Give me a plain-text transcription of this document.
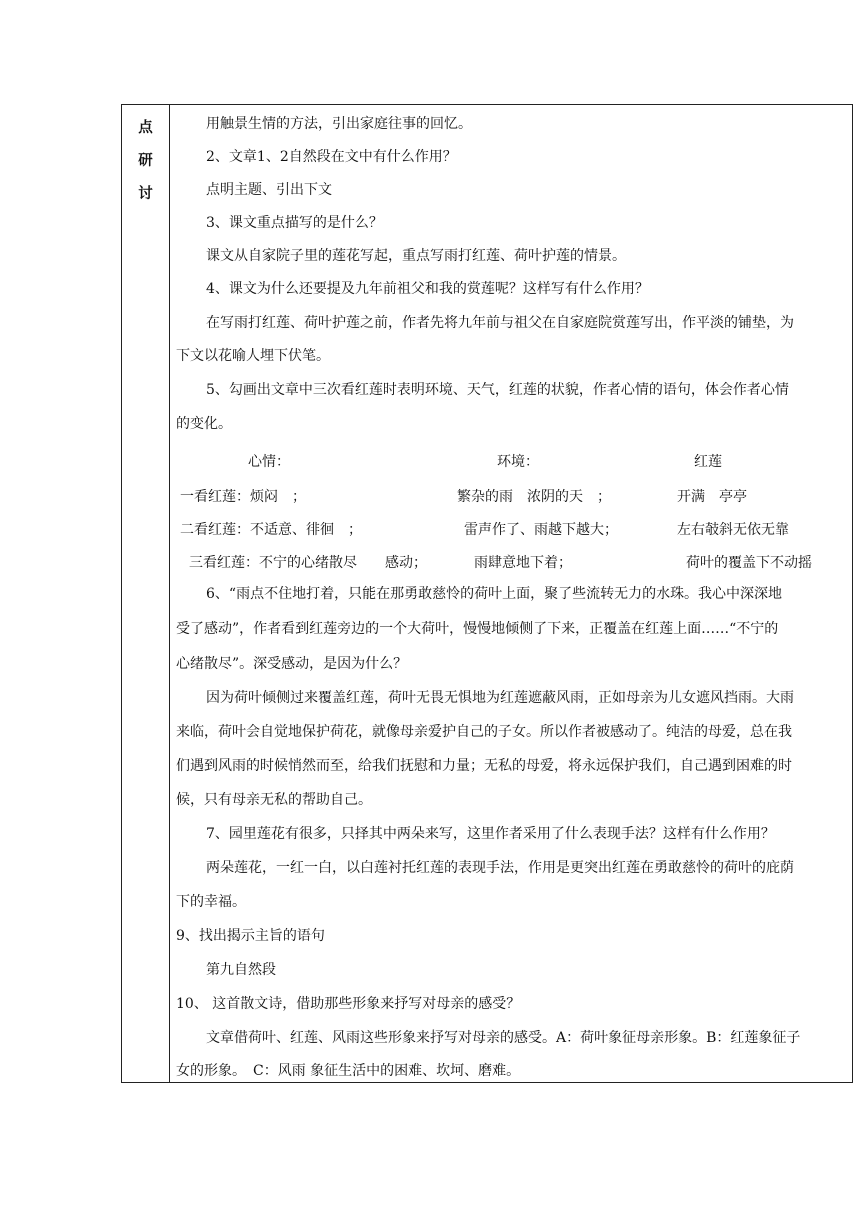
点
研
讨
用触景生情的方法，引出家庭往事的回忆。
2、文章1、2自然段在文中有什么作用？
点明主题、引出下文
3、课文重点描写的是什么？
课文从自家院子里的莲花写起，重点写雨打红莲、荷叶护莲的情景。
4、课文为什么还要提及九年前祖父和我的赏莲呢？这样写有什么作用？
在写雨打红莲、荷叶护莲之前，作者先将九年前与祖父在自家庭院赏莲写出，作平淡的铺垫，为
下文以花喻人埋下伏笔。
5、勾画出文章中三次看红莲时表明环境、天气，红莲的状貌，作者心情的语句，体会作者心情
的变化。
心情：	环境：	红莲
一看红莲：烦闷　；	繁杂的雨　浓阴的天　；	开满　亭亭
二看红莲：不适意、徘徊　；	雷声作了、雨越下越大；	左右攲斜无依无靠
三看红莲：不宁的心绪散尽　　感动；	雨肆意地下着；	荷叶的覆盖下不动摇
6、“雨点不住地打着，只能在那勇敢慈怜的荷叶上面，聚了些流转无力的水珠。我心中深深地
受了感动”，作者看到红莲旁边的一个大荷叶，慢慢地倾侧了下来，正覆盖在红莲上面……“不宁的
心绪散尽”。深受感动，是因为什么？
因为荷叶倾侧过来覆盖红莲，荷叶无畏无惧地为红莲遮蔽风雨，正如母亲为儿女遮风挡雨。大雨
来临，荷叶会自觉地保护荷花，就像母亲爱护自己的子女。所以作者被感动了。纯洁的母爱，总在我
们遇到风雨的时候悄然而至，给我们抚慰和力量；无私的母爱，将永远保护我们，自己遇到困难的时
候，只有母亲无私的帮助自己。
7、园里莲花有很多，只择其中两朵来写，这里作者采用了什么表现手法？这样有什么作用？
两朵莲花，一红一白，以白莲衬托红莲的表现手法，作用是更突出红莲在勇敢慈怜的荷叶的庇荫
下的幸福。
9、找出揭示主旨的语句
第九自然段
10、 这首散文诗，借助那些形象来抒写对母亲的感受？
文章借荷叶、红莲、风雨这些形象来抒写对母亲的感受。A：荷叶象征母亲形象。B：红莲象征子
女的形象。　C：风雨 象征生活中的困难、坎坷、磨难。
